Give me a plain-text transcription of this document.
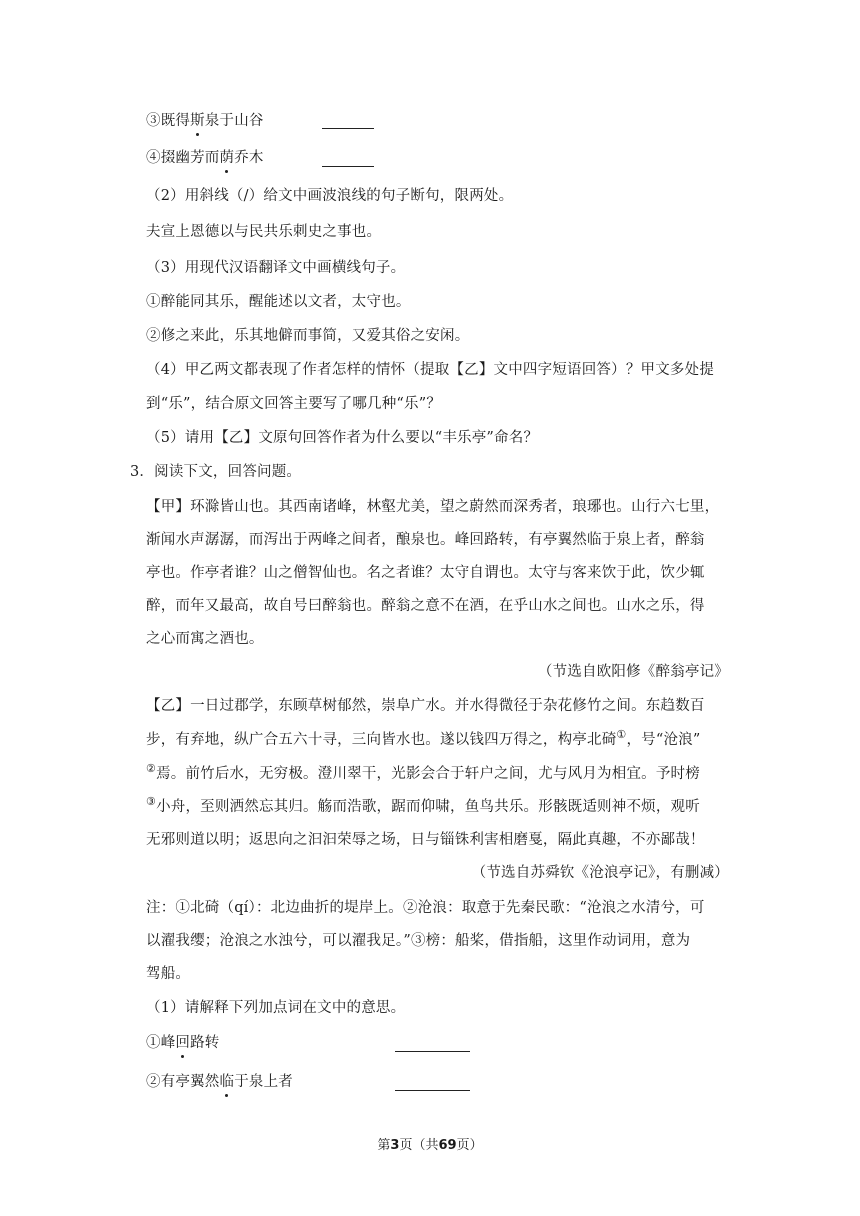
③既得斯泉于山谷
④掇幽芳而荫乔木
（2）用斜线（/）给文中画波浪线的句子断句，限两处。
夫宣上恩德以与民共乐刺史之事也。
（3）用现代汉语翻译文中画横线句子。
①醉能同其乐，醒能述以文者，太守也。
②修之来此，乐其地僻而事简，又爱其俗之安闲。
（4）甲乙两文都表现了作者怎样的情怀（提取【乙】文中四字短语回答）？甲文多处提
到“乐”，结合原文回答主要写了哪几种“乐”？
（5）请用【乙】文原句回答作者为什么要以“丰乐亭”命名？
3．阅读下文，回答问题。
【甲】环滁皆山也。其西南诸峰，林壑尤美，望之蔚然而深秀者，琅琊也。山行六七里，
渐闻水声潺潺，而泻出于两峰之间者，酿泉也。峰回路转，有亭翼然临于泉上者，醉翁
亭也。作亭者谁？山之僧智仙也。名之者谁？太守自谓也。太守与客来饮于此，饮少辄
醉，而年又最高，故自号曰醉翁也。醉翁之意不在酒，在乎山水之间也。山水之乐，得
之心而寓之酒也。
（节选自欧阳修《醉翁亭记》
【乙】一日过郡学，东顾草树郁然，崇阜广水。并水得微径于杂花修竹之间。东趋数百
步，有弃地，纵广合五六十寻，三向皆水也。遂以钱四万得之，构亭北碕①，号“沧浪”
②焉。前竹后水，无穷极。澄川翠干，光影会合于轩户之间，尤与风月为相宜。予时榜
③小舟，至则洒然忘其归。觞而浩歌，踞而仰啸，鱼鸟共乐。形骸既适则神不烦，观听
无邪则道以明；返思向之汩汩荣辱之场，日与锱铢利害相磨戛，隔此真趣，不亦鄙哉！
（节选自苏舜钦《沧浪亭记》，有删减）
注：①北碕（qí）：北边曲折的堤岸上。②沧浪：取意于先秦民歌：“沧浪之水清兮，可
以濯我缨；沧浪之水浊兮，可以濯我足。”③榜：船桨，借指船，这里作动词用，意为
驾船。
（1）请解释下列加点词在文中的意思。
①峰回路转
②有亭翼然临于泉上者
第3页（共69页）
